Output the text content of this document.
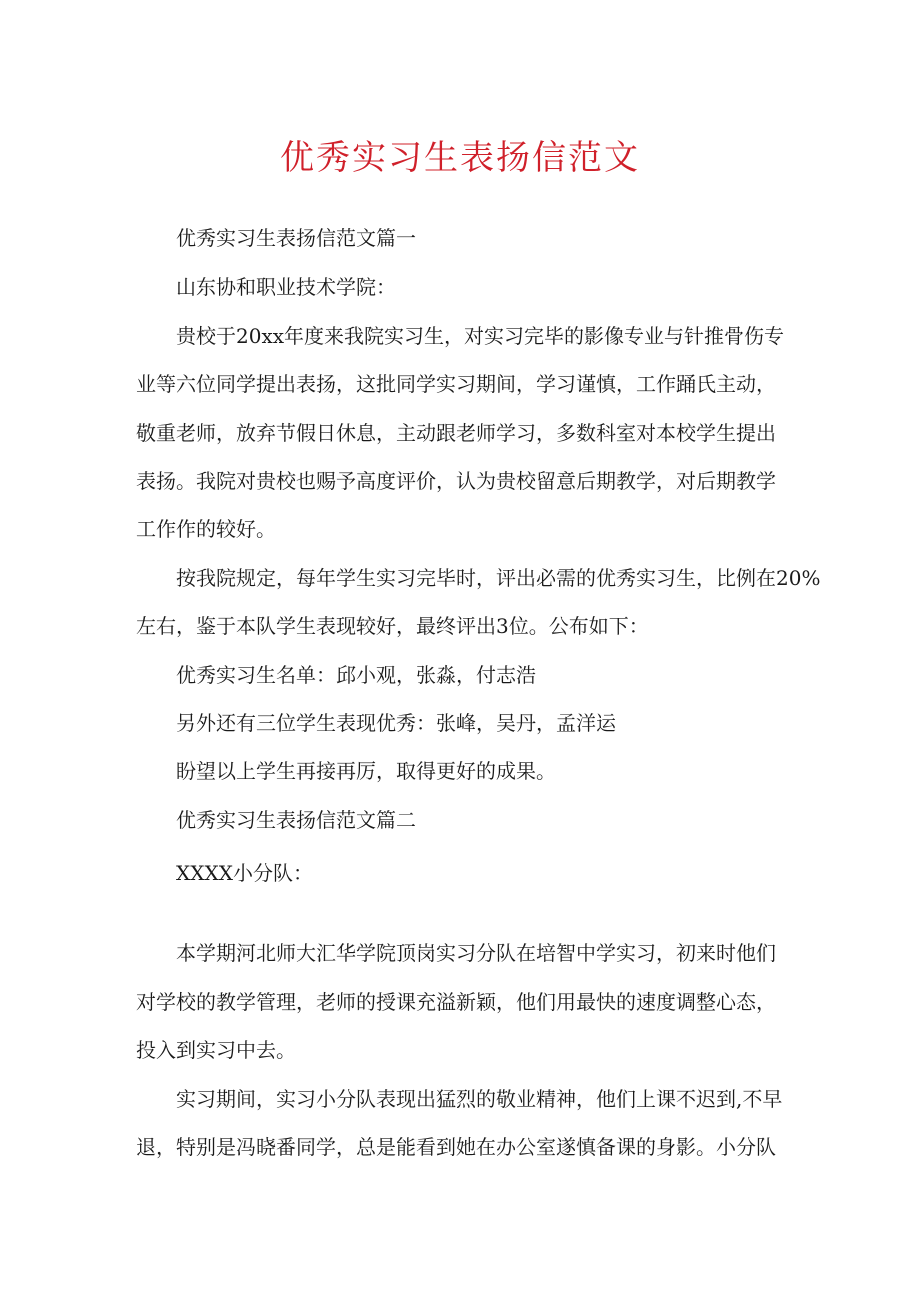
优秀实习生表扬信范文
优秀实习生表扬信范文篇一
山东协和职业技术学院：
贵校于20xx年度来我院实习生，对实习完毕的影像专业与针推骨伤专
业等六位同学提出表扬，这批同学实习期间，学习谨慎，工作踊氏主动，
敬重老师，放弃节假日休息，主动跟老师学习，多数科室对本校学生提出
表扬。我院对贵校也赐予高度评价，认为贵校留意后期教学，对后期教学
工作作的较好。
按我院规定，每年学生实习完毕时，评出必需的优秀实习生，比例在20%
左右，鉴于本队学生表现较好，最终评出3位。公布如下：
优秀实习生名单：邱小观，张淼，付志浩
另外还有三位学生表现优秀：张峰，吴丹，孟洋运
盼望以上学生再接再厉，取得更好的成果。
优秀实习生表扬信范文篇二
XXXX小分队：
本学期河北师大汇华学院顶岗实习分队在培智中学实习，初来时他们
对学校的教学管理，老师的授课充溢新颖，他们用最快的速度调整心态，
投入到实习中去。
实习期间，实习小分队表现出猛烈的敬业精神，他们上课不迟到,不早
退，特别是冯晓番同学，总是能看到她在办公室遂慎备课的身影。小分队
